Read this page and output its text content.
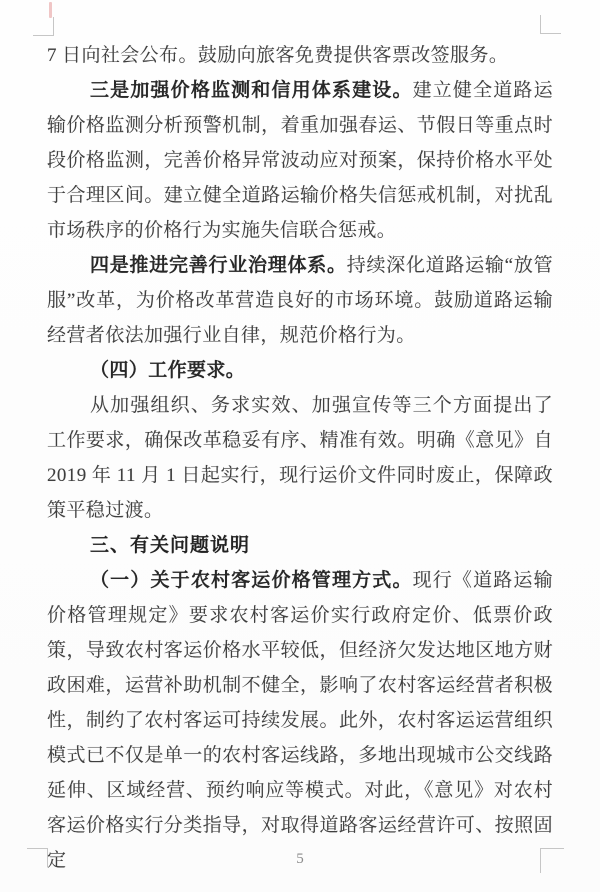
7 日向社会公布。鼓励向旅客免费提供客票改签服务。

三是加强价格监测和信用体系建设。建立健全道路运输价格监测分析预警机制，着重加强春运、节假日等重点时段价格监测，完善价格异常波动应对预案，保持价格水平处于合理区间。建立健全道路运输价格失信惩戒机制，对扰乱市场秩序的价格行为实施失信联合惩戒。

四是推进完善行业治理体系。持续深化道路运输“放管服”改革，为价格改革营造良好的市场环境。鼓励道路运输经营者依法加强行业自律，规范价格行为。

（四）工作要求。

从加强组织、务求实效、加强宣传等三个方面提出了工作要求，确保改革稳妥有序、精准有效。明确《意见》自 2019 年 11 月 1 日起实行，现行运价文件同时废止，保障政策平稳过渡。

三、有关问题说明

（一）关于农村客运价格管理方式。现行《道路运输价格管理规定》要求农村客运价实行政府定价、低票价政策，导致农村客运价格水平较低，但经济欠发达地区地方财政困难，运营补助机制不健全，影响了农村客运经营者积极性，制约了农村客运可持续发展。此外，农村客运运营组织模式已不仅是单一的农村客运线路，多地出现城市公交线路延伸、区域经营、预约响应等模式。对此，《意见》对农村客运价格实行分类指导，对取得道路客运经营许可、按照固定	5
